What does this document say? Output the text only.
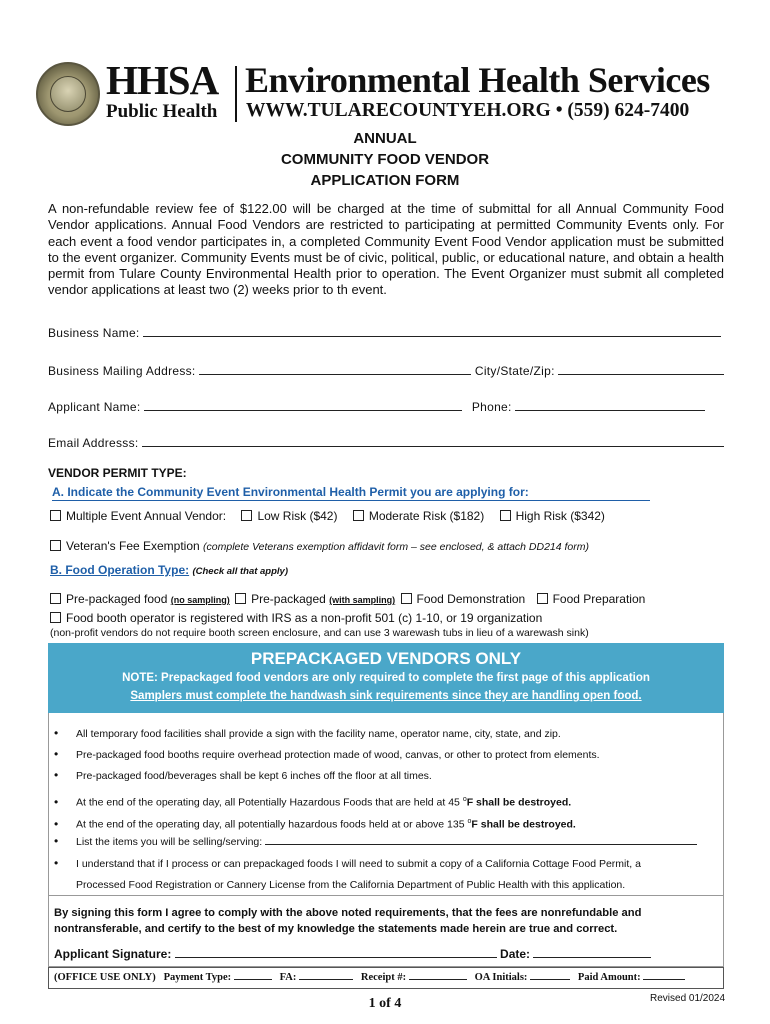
HHSA
Public Health
Environmental Health Services
WWW.TULARECOUNTYEH.ORG • (559) 624-7400
ANNUAL
COMMUNITY FOOD VENDOR
APPLICATION FORM
A non-refundable review fee of $122.00 will be charged at the time of submittal for all Annual Community Food Vendor applications. Annual Food Vendors are restricted to participating at permitted Community Events only. For each event a food vendor participates in, a completed Community Event Food Vendor application must be submitted to the event organizer. Community Events must be of civic, political, public, or educational nature, and obtain a health permit from Tulare County Environmental Health prior to operation. The Event Organizer must submit all completed vendor applications at least two (2) weeks prior to th event.
Business Name:
Business Mailing Address:	City/State/Zip:
Applicant Name:	Phone:
Email Addresss:
VENDOR PERMIT TYPE:
A. Indicate the Community Event Environmental Health Permit you are applying for:
Multiple Event Annual Vendor:	Low Risk ($42)	Moderate Risk ($182)	High Risk ($342)
Veteran's Fee Exemption (complete Veterans exemption affidavit form – see enclosed, & attach DD214 form)
B. Food Operation Type: (Check all that apply)
Pre-packaged food (no sampling) Pre-packaged (with sampling) Food Demonstration Food Preparation
Food booth operator is registered with IRS as a non-profit 501 (c) 1-10, or 19 organization
(non-profit vendors do not require booth screen enclosure, and can use 3 warewash tubs in lieu of a warewash sink)
PREPACKAGED VENDORS ONLY
NOTE: Prepackaged food vendors are only required to complete the first page of this application
Samplers must complete the handwash sink requirements since they are handling open food.
• All temporary food facilities shall provide a sign with the facility name, operator name, city, state, and zip.
• Pre-packaged food booths require overhead protection made of wood, canvas, or other to protect from elements.
• Pre-packaged food/beverages shall be kept 6 inches off the floor at all times.
• At the end of the operating day, all Potentially Hazardous Foods that are held at 45 $^o$F shall be destroyed.
• At the end of the operating day, all potentially hazardous foods held at or above 135 $^o$F shall be destroyed.
• List the items you will be selling/serving:
• I understand that if I process or can prepackaged foods I will need to submit a copy of a California Cottage Food Permit, a
Processed Food Registration or Cannery License from the California Department of Public Health with this application.
By signing this form I agree to comply with the above noted requirements, that the fees are nonrefundable and nontransferable, and certify to the best of my knowledge the statements made herein are true and correct.
Applicant Signature:	Date:
(OFFICE USE ONLY) Payment Type:	FA:	Receipt #:	OA Initials:	Paid Amount:
1 of 4	Revised 01/2024
